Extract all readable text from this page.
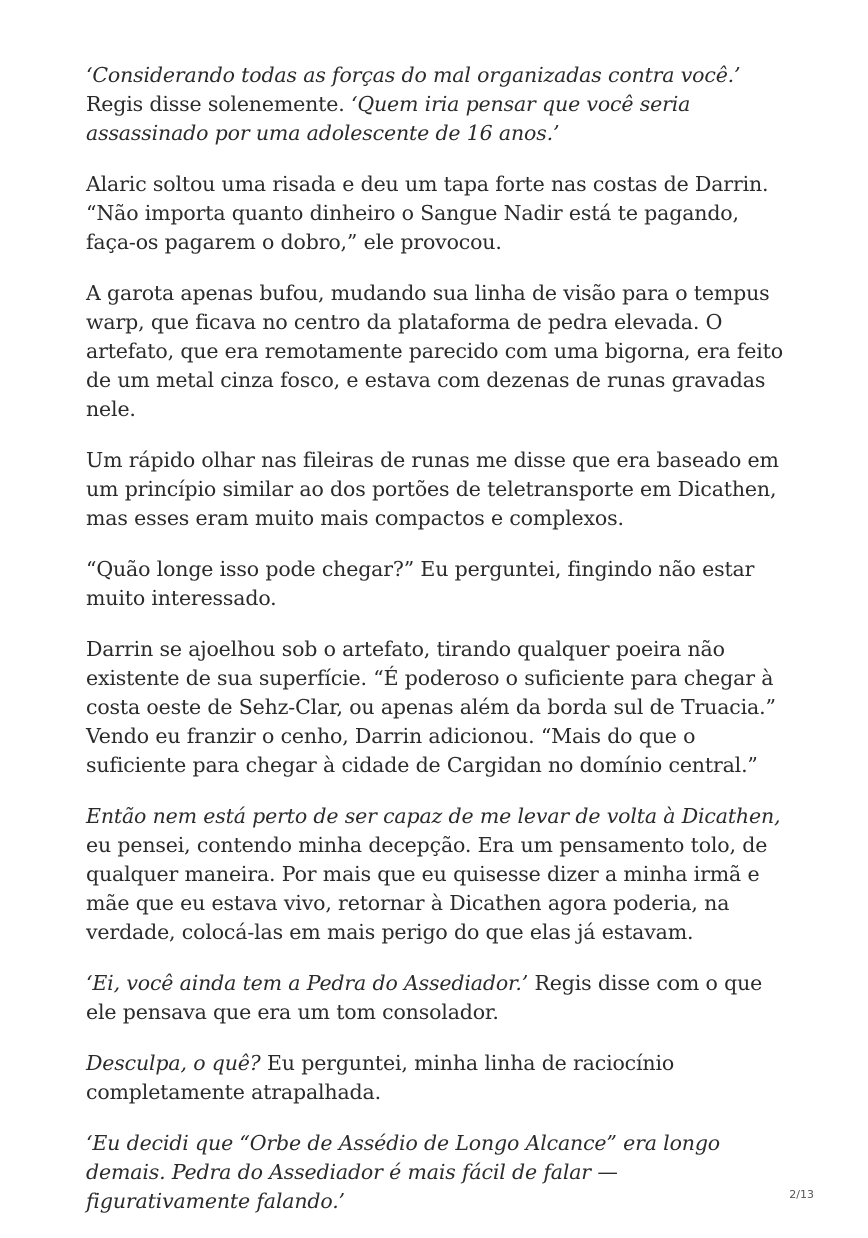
‘Considerando todas as forças do mal organizadas contra você.’ Regis disse solenemente. ‘Quem iria pensar que você seria assassinado por uma adolescente de 16 anos.’

Alaric soltou uma risada e deu um tapa forte nas costas de Darrin. “Não importa quanto dinheiro o Sangue Nadir está te pagando, faça-os pagarem o dobro,” ele provocou.

A garota apenas bufou, mudando sua linha de visão para o tempus warp, que ficava no centro da plataforma de pedra elevada. O artefato, que era remotamente parecido com uma bigorna, era feito de um metal cinza fosco, e estava com dezenas de runas gravadas nele.

Um rápido olhar nas fileiras de runas me disse que era baseado em um princípio similar ao dos portões de teletransporte em Dicathen, mas esses eram muito mais compactos e complexos.

“Quão longe isso pode chegar?” Eu perguntei, fingindo não estar muito interessado.

Darrin se ajoelhou sob o artefato, tirando qualquer poeira não existente de sua superfície. “É poderoso o suficiente para chegar à costa oeste de Sehz-Clar, ou apenas além da borda sul de Truacia.” Vendo eu franzir o cenho, Darrin adicionou. “Mais do que o suficiente para chegar à cidade de Cargidan no domínio central.”

Então nem está perto de ser capaz de me levar de volta à Dicathen, eu pensei, contendo minha decepção. Era um pensamento tolo, de qualquer maneira. Por mais que eu quisesse dizer a minha irmã e mãe que eu estava vivo, retornar à Dicathen agora poderia, na verdade, colocá-las em mais perigo do que elas já estavam.

‘Ei, você ainda tem a Pedra do Assediador.’ Regis disse com o que ele pensava que era um tom consolador.

Desculpa, o quê? Eu perguntei, minha linha de raciocínio completamente atrapalhada.

‘Eu decidi que “Orbe de Assédio de Longo Alcance” era longo demais. Pedra do Assediador é mais fácil de falar — figurativamente falando.’	2/13
